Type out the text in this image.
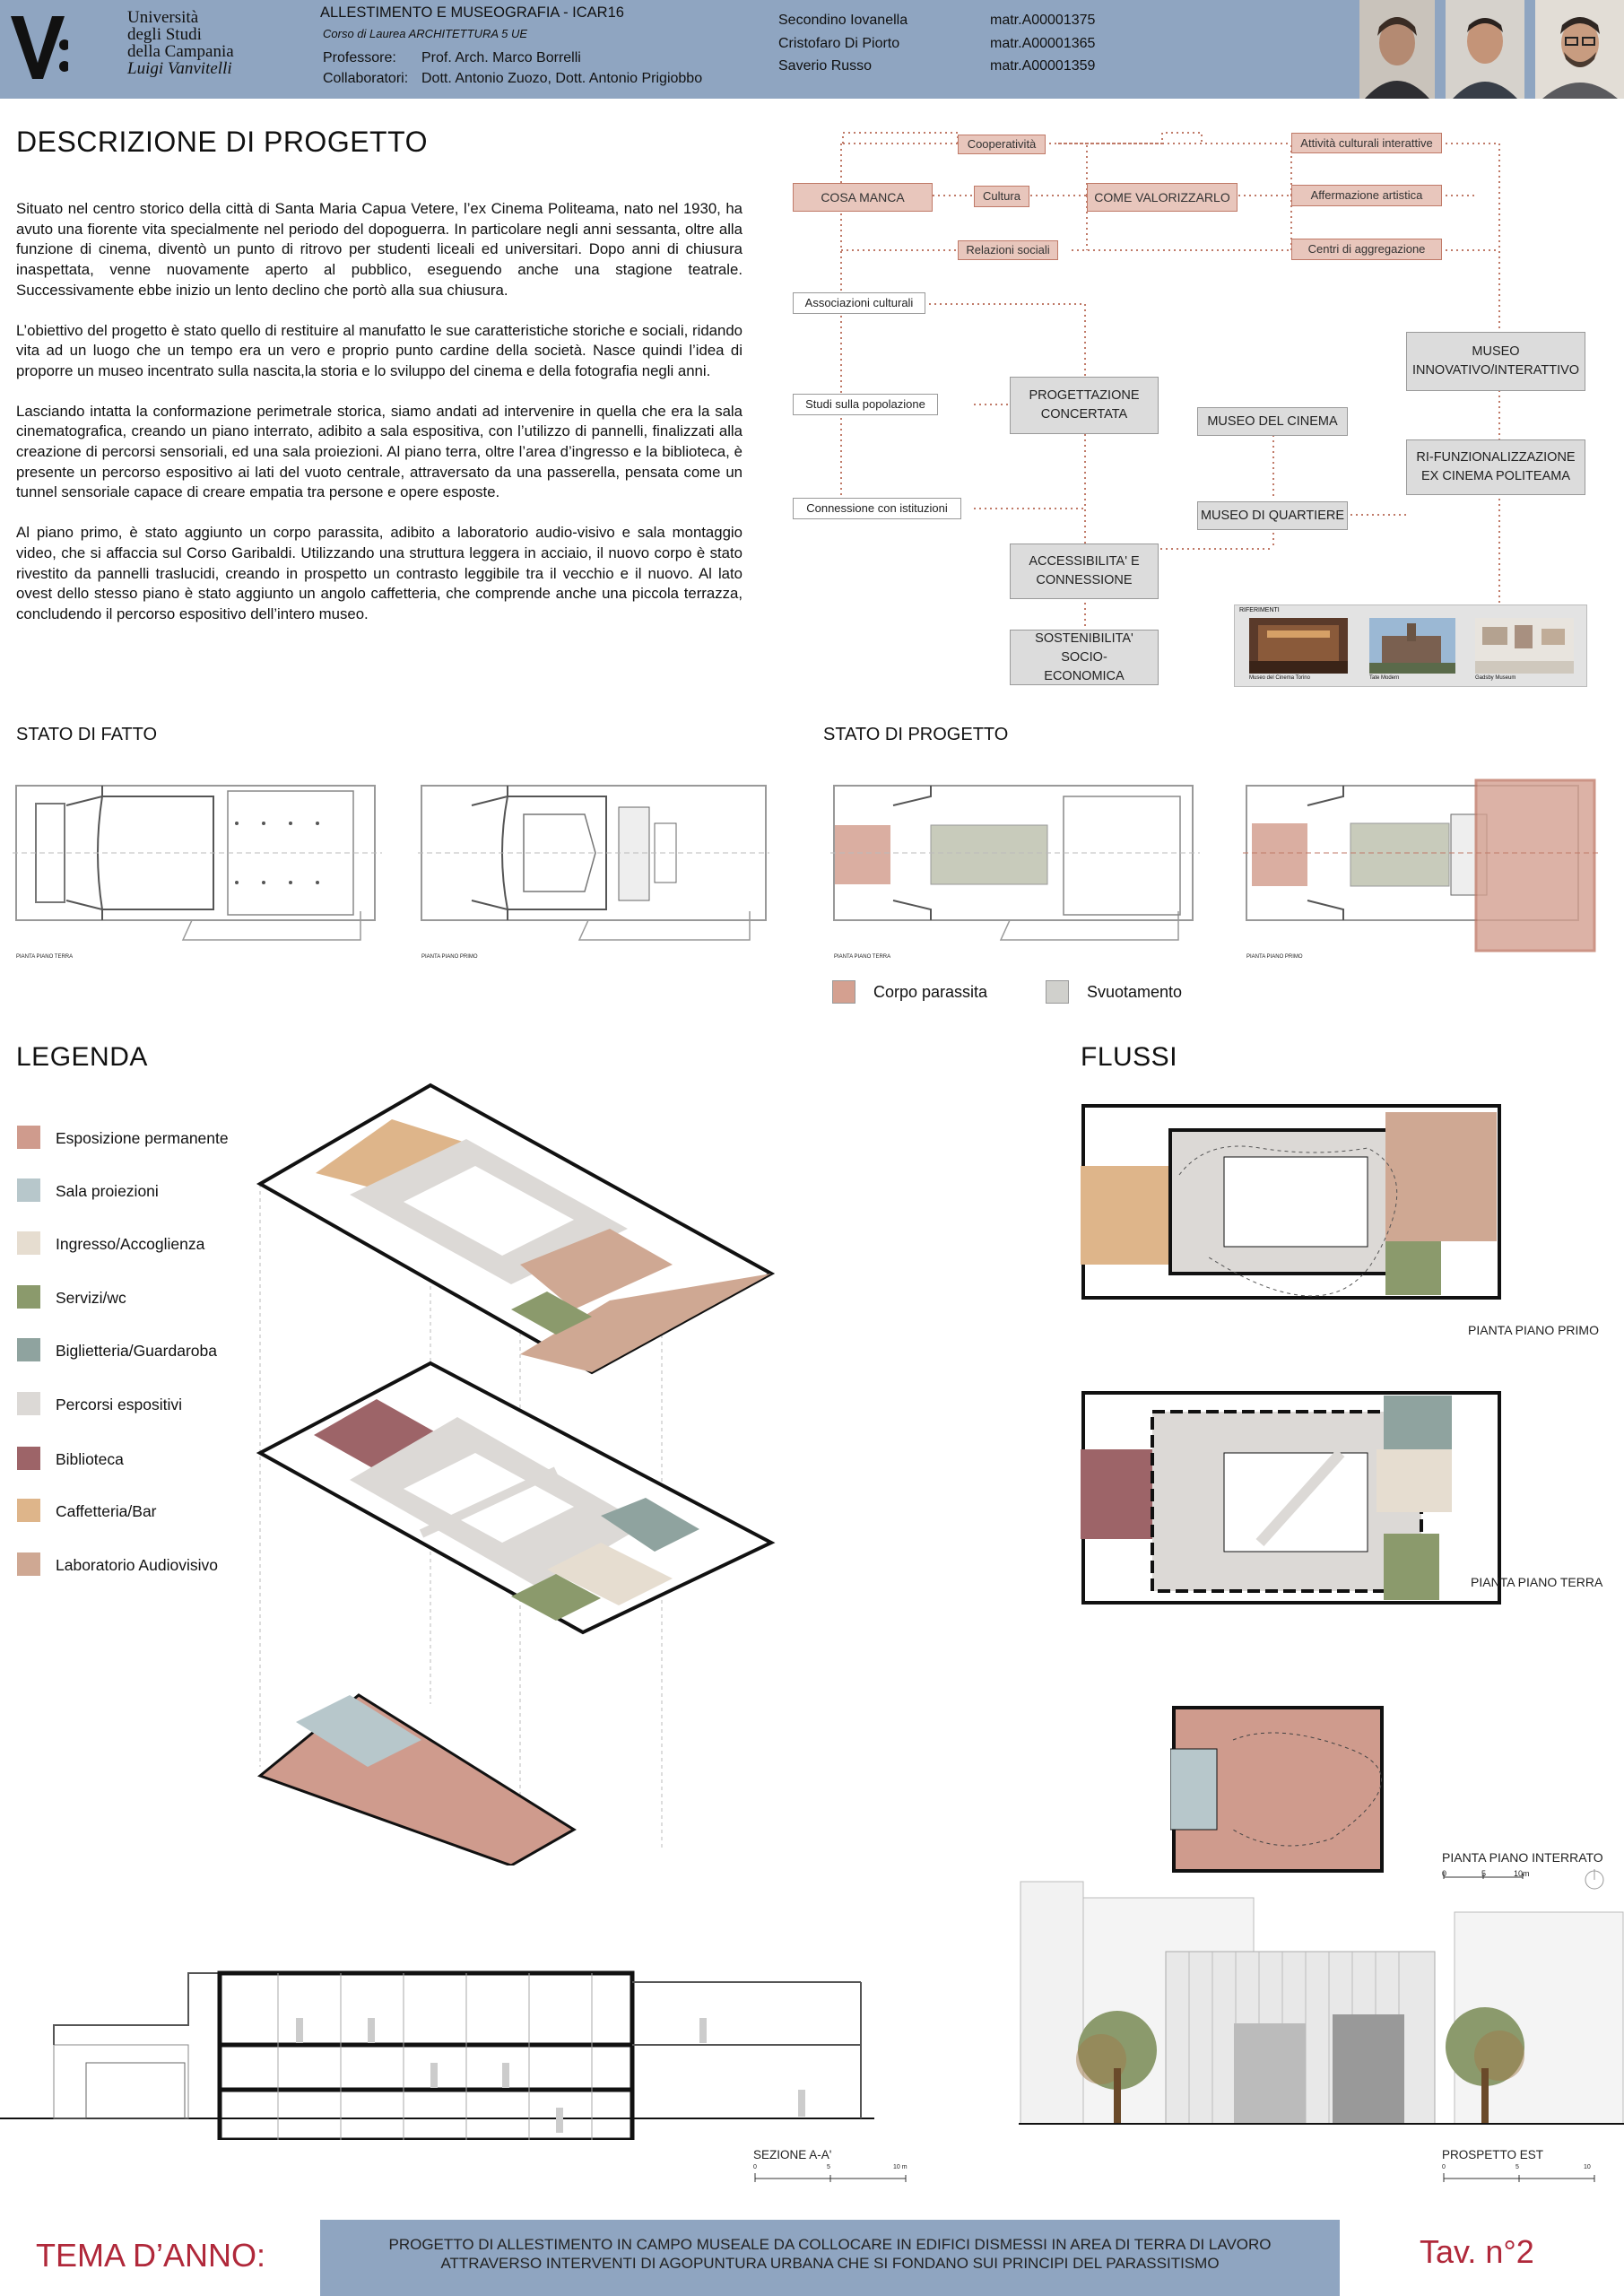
Università
degli Studi
della Campania
Luigi Vanvitelli
ALLESTIMENTO E MUSEOGRAFIA - ICAR16
Corso di Laurea ARCHITETTURA 5 UE
Professore: Prof. Arch. Marco Borrelli
Collaboratori: Dott. Antonio Zuozo, Dott. Antonio Prigiobbo
Secondino Iovanella	matr.A00001375
Cristofaro Di Piorto	matr.A00001365
Saverio Russo	matr.A00001359
DESCRIZIONE DI PROGETTO

Situato nel centro storico della città di Santa Maria Capua Vetere, l’ex Cinema Politeama, nato nel 1930, ha avuto una fiorente vita specialmente nel periodo del dopoguerra. In particolare negli anni sessanta, oltre alla funzione di cinema, diventò un punto di ritrovo per studenti liceali ed universitari. Dopo anni di chiusura inaspettata, venne nuovamente aperto al pubblico, eseguendo anche una stagione teatrale. Successivamente ebbe inizio un lento declino che portò alla sua chiusura.

L’obiettivo del progetto è stato quello di restituire al manufatto le sue caratteristiche storiche e sociali, ridando vita ad un luogo che un tempo era un vero e proprio punto cardine della società. Nasce quindi l’idea di proporre un museo incentrato sulla nascita,la storia e lo sviluppo del cinema e della fotografia negli anni.

Lasciando intatta la conformazione perimetrale storica, siamo andati ad intervenire in quella che era la sala cinematografica, creando un piano interrato, adibito a sala espositiva, con l’utilizzo di pannelli, finalizzati alla creazione di percorsi sensoriali, ed una sala proiezioni. Al piano terra, oltre l’area d’ingresso e la biblioteca, è presente un percorso espositivo ai lati del vuoto centrale, attraversato da una passerella, pensata come un tunnel sensoriale capace di creare empatia tra persone e opere esposte.

Al piano primo, è stato aggiunto un corpo parassita, adibito a laboratorio audio-visivo e sala montaggio video, che si affaccia sul Corso Garibaldi. Utilizzando una struttura leggera in acciaio, il nuovo corpo è stato rivestito da pannelli traslucidi, creando in prospetto un contrasto leggibile tra il vecchio e il nuovo. Al lato ovest dello stesso piano è stato aggiunto un angolo caffetteria, che comprende anche una piccola terrazza, concludendo il percorso espositivo dell’intero museo.

Cooperatività	Attività culturali interattive
COSA MANCA	Cultura	COME VALORIZZARLO	Affermazione artistica
Relazioni sociali	Centri di aggregazione
Associazioni culturali
MUSEO INNOVATIVO/INTERATTIVO
Studi sulla popolazione
PROGETTAZIONE CONCERTATA	MUSEO DEL CINEMA
RI-FUNZIONALIZZAZIONE EX CINEMA POLITEAMA
Connessione con istituzioni	MUSEO DI QUARTIERE
ACCESSIBILITA' E CONNESSIONE
SOSTENIBILITA' SOCIO-ECONOMICA
RIFERIMENTI
Museo del Cinema Torino	Tate Modern	Gadsby Museum
STATO DI FATTO	STATO DI PROGETTO
PIANTA PIANO TERRA	PIANTA PIANO PRIMO	PIANTA PIANO TERRA	PIANTA PIANO PRIMO
Corpo parassita	Svuotamento
LEGENDA
Esposizione permanente
Sala proiezioni
Ingresso/Accoglienza
Servizi/wc
Biglietteria/Guardaroba
Percorsi espositivi
Biblioteca
Caffetteria/Bar
Laboratorio Audiovisivo
FLUSSI
PIANTA PIANO PRIMO
PIANTA PIANO TERRA
PIANTA PIANO INTERRATO
0	5	10m
SEZIONE A-A'
0	5	10 m
PROSPETTO EST
0	5	10
TEMA D’ANNO:	PROGETTO DI ALLESTIMENTO IN CAMPO MUSEALE DA COLLOCARE IN EDIFICI DISMESSI IN AREA DI TERRA DI LAVORO
ATTRAVERSO INTERVENTI DI AGOPUNTURA URBANA CHE SI FONDANO SUI PRINCIPI DEL PARASSITISMO	Tav. n°2
